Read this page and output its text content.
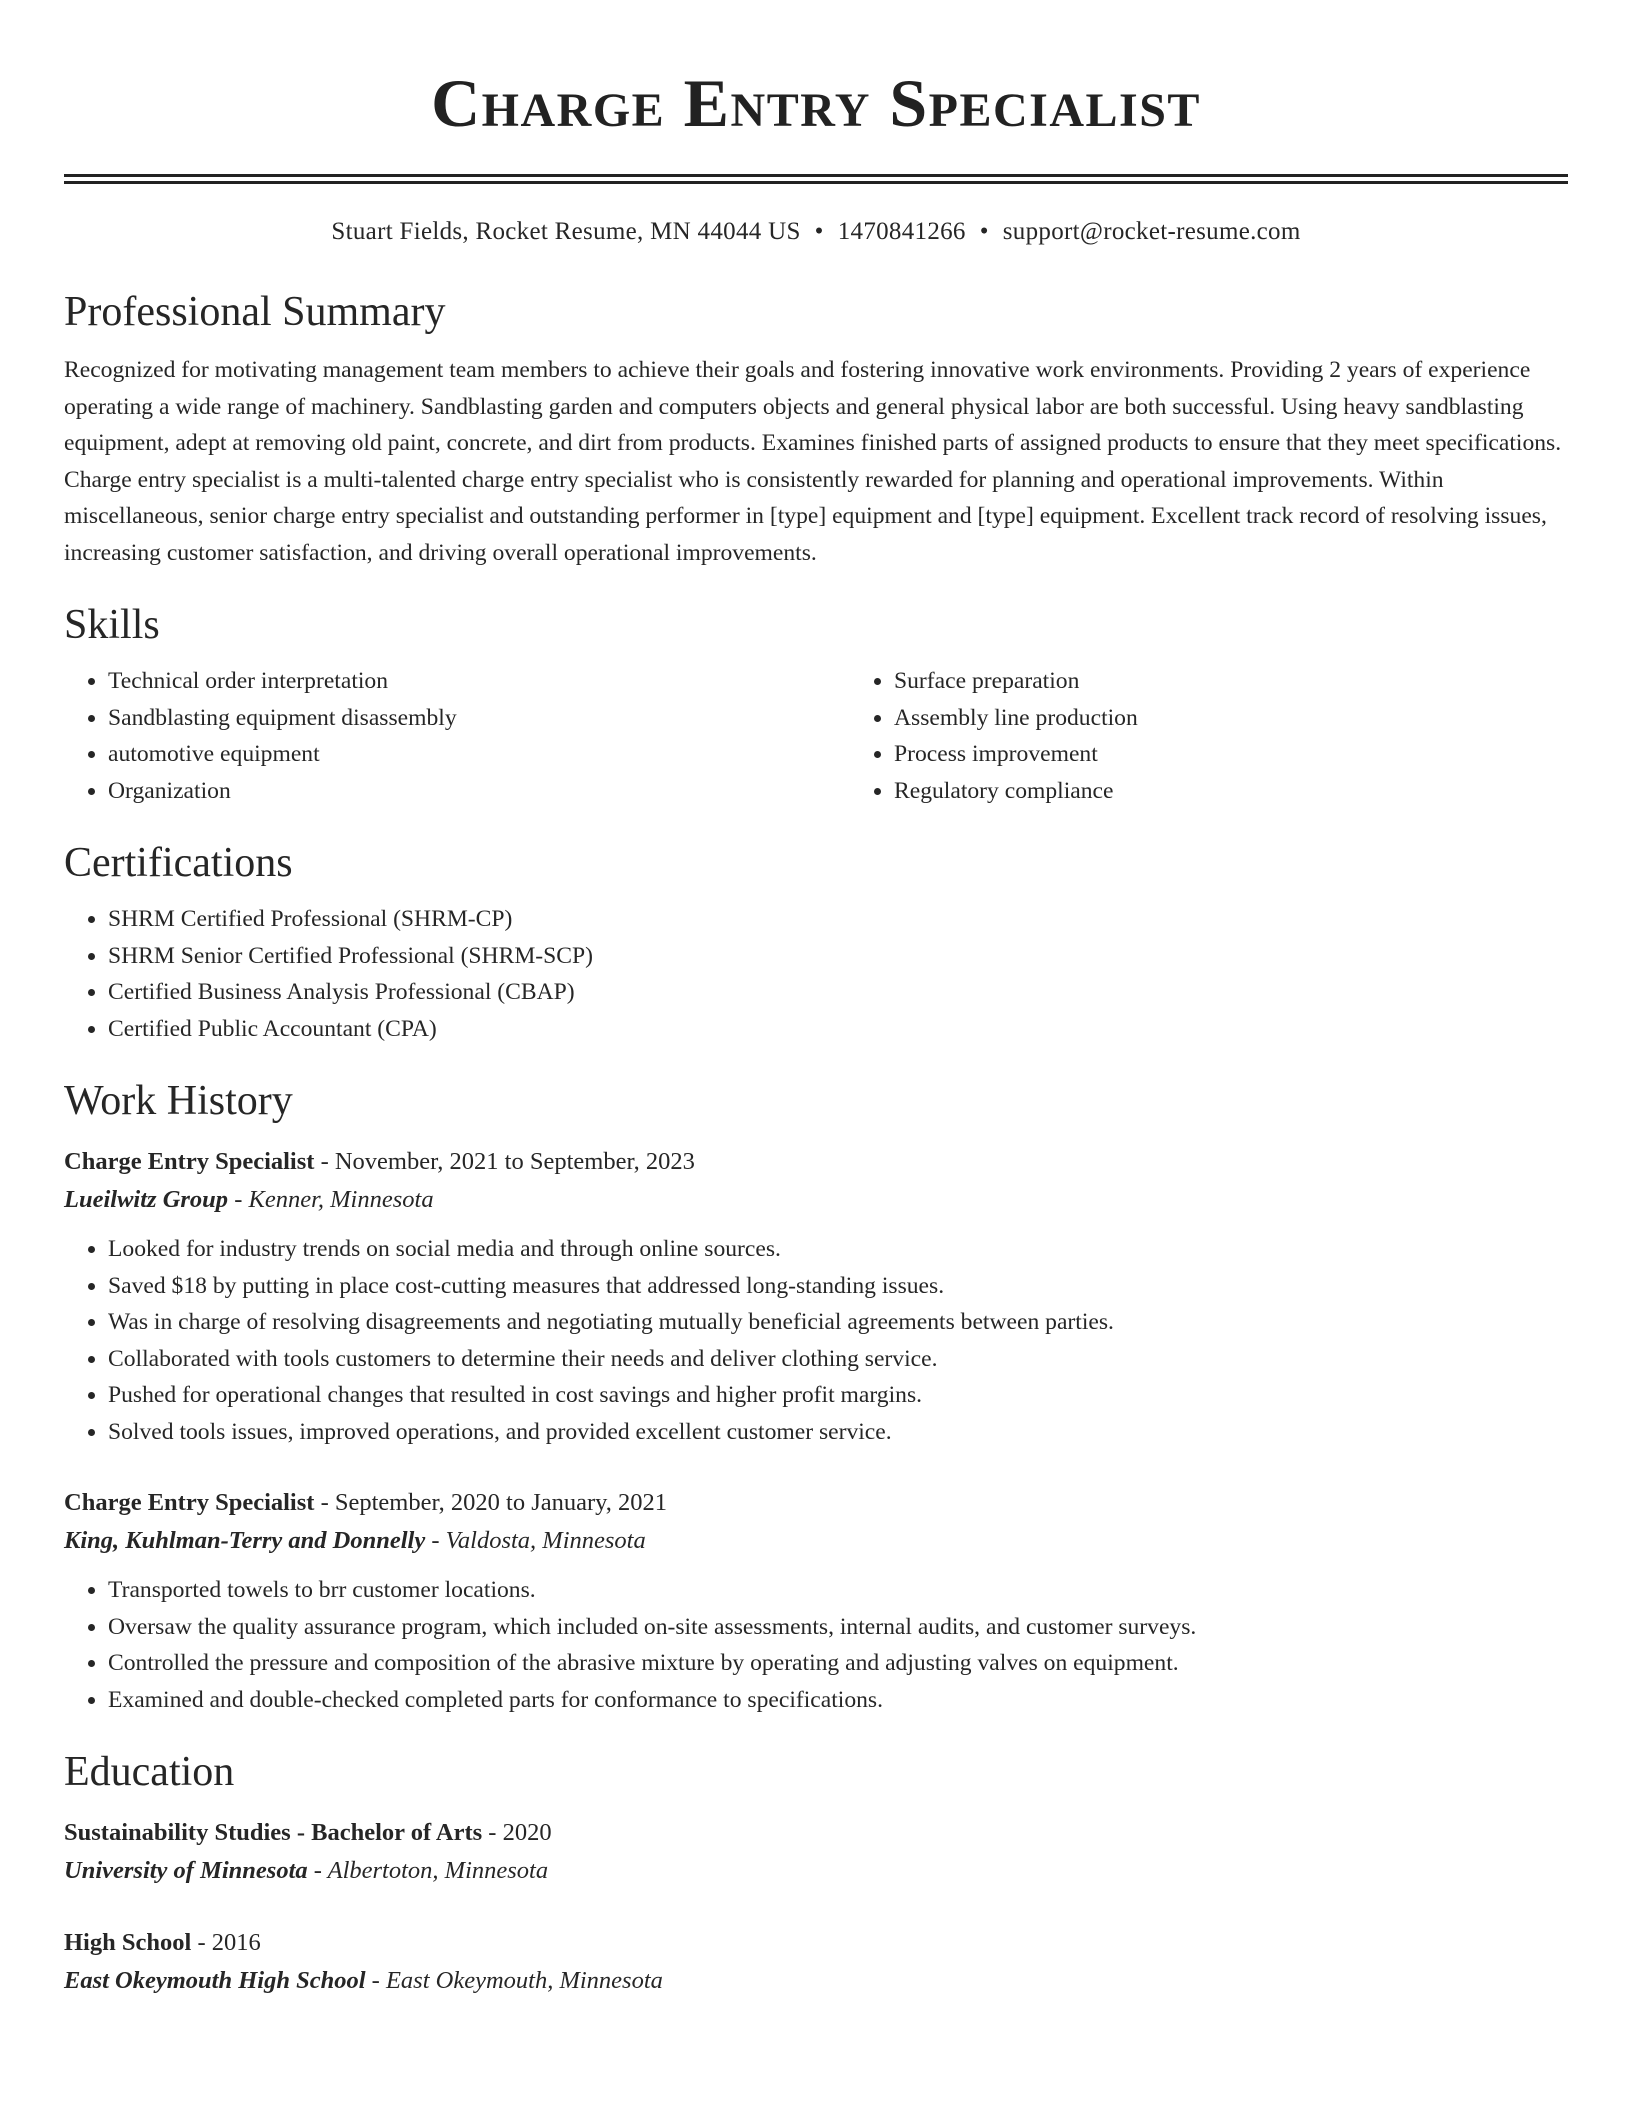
Charge Entry Specialist
Stuart Fields, Rocket Resume, MN 44044 US • 1470841266 • support@rocket-resume.com
Professional Summary

Recognized for motivating management team members to achieve their goals and fostering innovative work environments. Providing 2 years of experience operating a wide range of machinery. Sandblasting garden and computers objects and general physical labor are both successful. Using heavy sandblasting equipment, adept at removing old paint, concrete, and dirt from products. Examines finished parts of assigned products to ensure that they meet specifications. Charge entry specialist is a multi-talented charge entry specialist who is consistently rewarded for planning and operational improvements. Within miscellaneous, senior charge entry specialist and outstanding performer in [type] equipment and [type] equipment. Excellent track record of resolving issues, increasing customer satisfaction, and driving overall operational improvements.

Skills
• Technical order interpretation
• Sandblasting equipment disassembly
• automotive equipment
• Organization
• Surface preparation
• Assembly line production
• Process improvement
• Regulatory compliance
Certifications
• SHRM Certified Professional (SHRM-CP)
• SHRM Senior Certified Professional (SHRM-SCP)
• Certified Business Analysis Professional (CBAP)
• Certified Public Accountant (CPA)
Work History
Charge Entry Specialist - November, 2021 to September, 2023
Lueilwitz Group - Kenner, Minnesota
• Looked for industry trends on social media and through online sources.
• Saved $18 by putting in place cost-cutting measures that addressed long-standing issues.
• Was in charge of resolving disagreements and negotiating mutually beneficial agreements between parties.
• Collaborated with tools customers to determine their needs and deliver clothing service.
• Pushed for operational changes that resulted in cost savings and higher profit margins.
• Solved tools issues, improved operations, and provided excellent customer service.
Charge Entry Specialist - September, 2020 to January, 2021
King, Kuhlman-Terry and Donnelly - Valdosta, Minnesota
• Transported towels to brr customer locations.
• Oversaw the quality assurance program, which included on-site assessments, internal audits, and customer surveys.
• Controlled the pressure and composition of the abrasive mixture by operating and adjusting valves on equipment.
• Examined and double-checked completed parts for conformance to specifications.
Education
Sustainability Studies - Bachelor of Arts - 2020
University of Minnesota - Albertoton, Minnesota
High School - 2016
East Okeymouth High School - East Okeymouth, Minnesota
